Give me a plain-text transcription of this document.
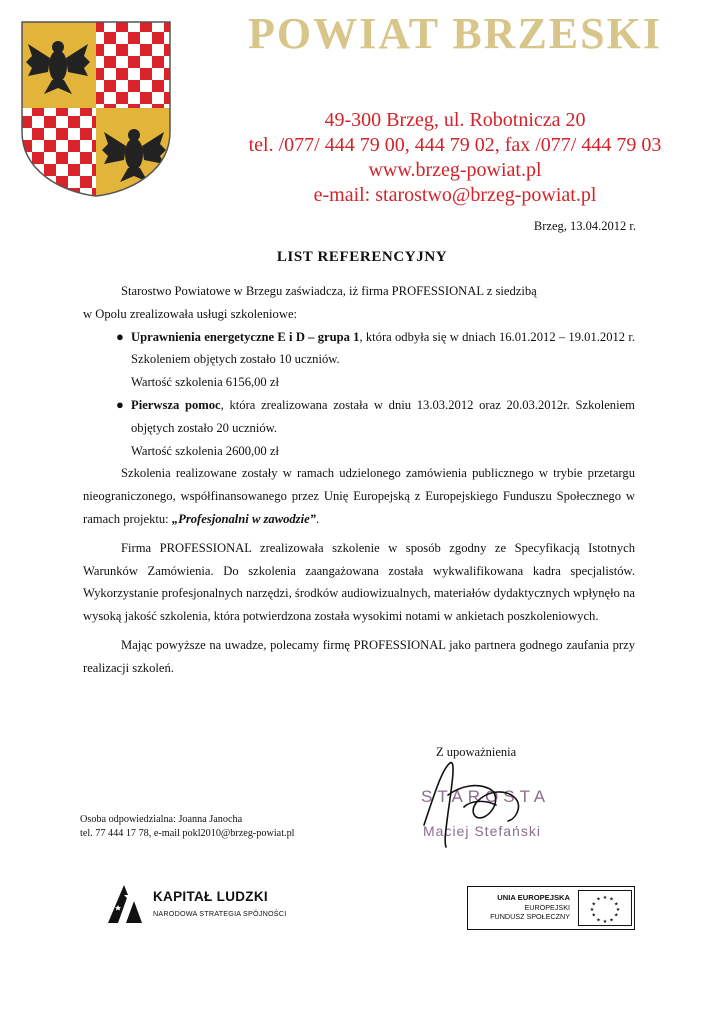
POWIAT BRZESKI
49-300 Brzeg, ul. Robotnicza 20
tel. /077/ 444 79 00, 444 79 02, fax /077/ 444 79 03
www.brzeg-powiat.pl
e-mail: starostwo@brzeg-powiat.pl
Brzeg, 13.04.2012 r.
LIST REFERENCYJNY

Starostwo Powiatowe w Brzegu zaświadcza, iż firma PROFESSIONAL z siedzibą

w Opolu zrealizowała usługi szkoleniowe:

● Uprawnienia energetyczne E i D – grupa 1, która odbyła się w dniach 16.01.2012 – 19.01.2012 r. Szkoleniem objętych zostało 10 uczniów.
Wartość szkolenia 6156,00 zł
● Pierwsza pomoc, która zrealizowana została w dniu 13.03.2012 oraz 20.03.2012r. Szkoleniem objętych zostało 20 uczniów.
Wartość szkolenia 2600,00 zł

Szkolenia realizowane zostały w ramach udzielonego zamówienia publicznego w trybie przetargu nieograniczonego, współfinansowanego przez Unię Europejską z Europejskiego Funduszu Społecznego w ramach projektu: „Profesjonalni w zawodzie”.

Firma PROFESSIONAL zrealizowała szkolenie w sposób zgodny ze Specyfikacją Istotnych Warunków Zamówienia. Do szkolenia zaangażowana została wykwalifikowana kadra specjalistów. Wykorzystanie profesjonalnych narzędzi, środków audiowizualnych, materiałów dydaktycznych wpłynęło na wysoką jakość szkolenia, która potwierdzona została wysokimi notami w ankietach poszkoleniowych.

Mając powyższe na uwadze, polecamy firmę PROFESSIONAL jako partnera godnego zaufania przy realizacji szkoleń.

Z upoważnienia
STAROSTA
Maciej Stefański
Osoba odpowiedzialna: Joanna Janocha
tel. 77 444 17 78, e-mail pokl2010@brzeg-powiat.pl
KAPITAŁ LUDZKI
NARODOWA STRATEGIA SPÓJNOŚCI
UNIA EUROPEJSKA
EUROPEJSKI
FUNDUSZ SPOŁECZNY
★ ★
★
★
★
★
★
★
★
★
★
★
